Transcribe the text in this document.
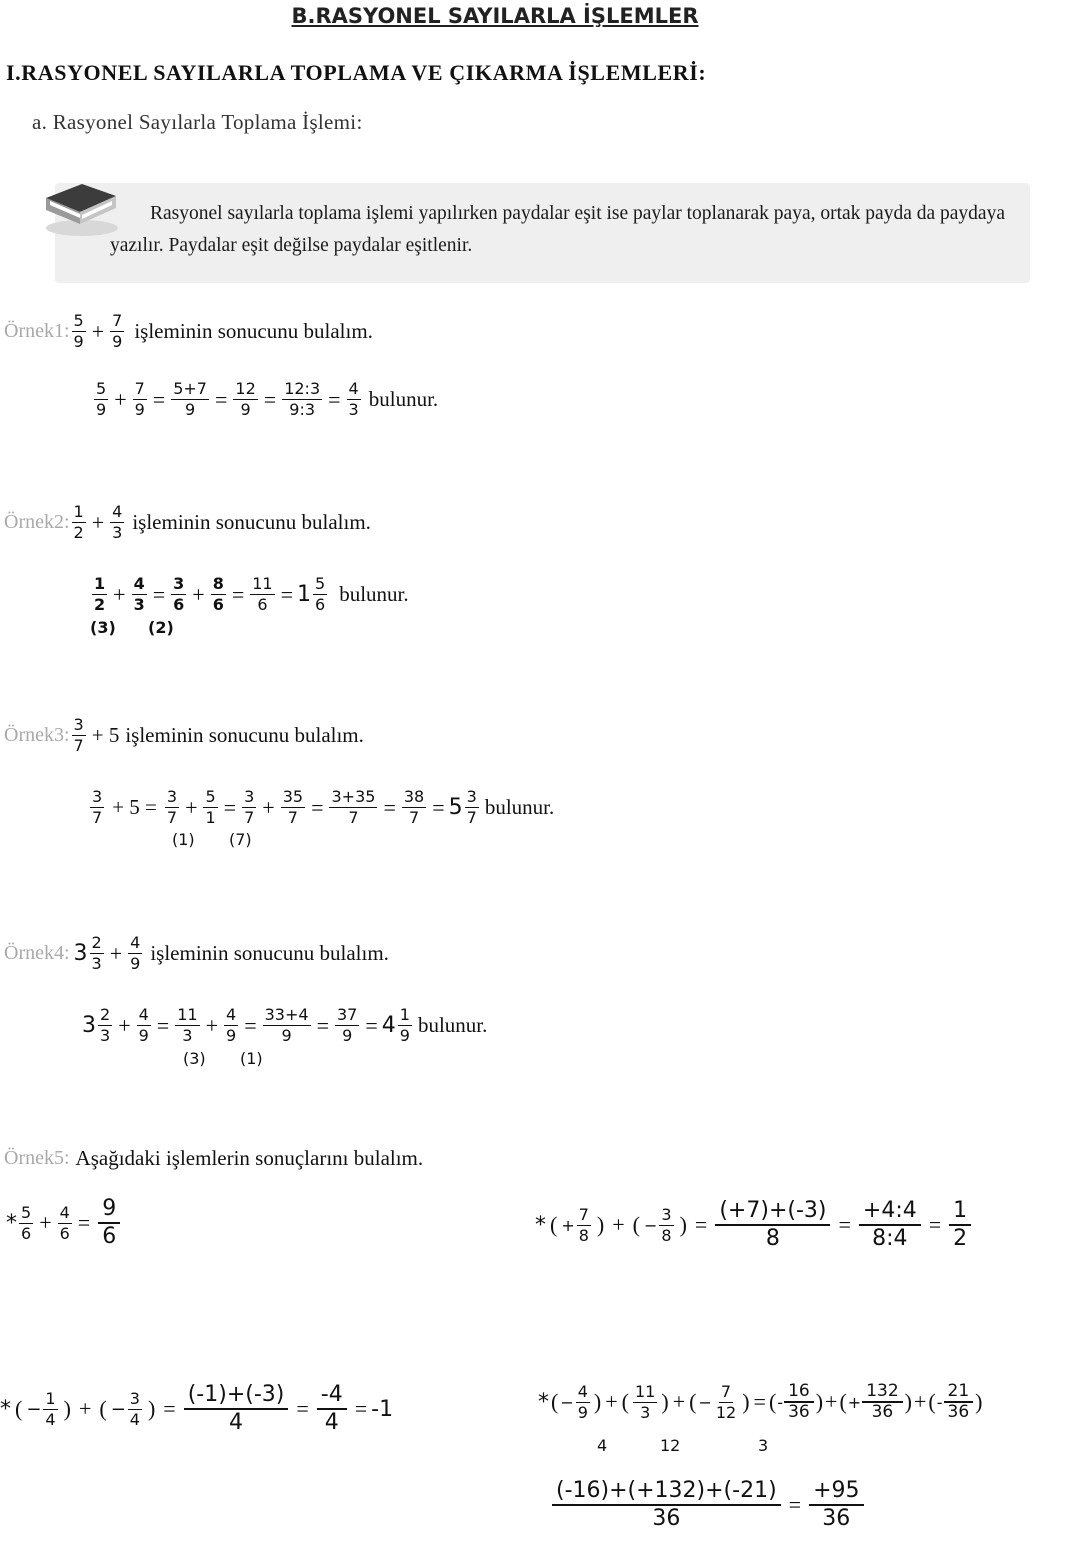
B.RASYONEL SAYILARLA İŞLEMLER
I.RASYONEL SAYILARLA TOPLAMA VE ÇIKARMA İŞLEMLERİ:
a. Rasyonel Sayılarla Toplama İşlemi:
Rasyonel sayılarla toplama işlemi yapılırken paydalar eşit ise paylar toplanarak paya, ortak payda da paydaya yazılır. Paydalar eşit değilse paydalar eşitlenir.
Örnek1: $\frac{5}{9} + \frac{7}{9}$ işleminin sonucunu bulalım.
$\frac{5}{9} + \frac{7}{9} = \frac{5+7}{9} = \frac{12}{9} = \frac{12:3}{9:3} = \frac{4}{3}$ bulunur.
Örnek2: $\frac{1}{2} + \frac{4}{3}$ işleminin sonucunu bulalım.
$\frac{1}{2} + \frac{4}{3} = \frac{3}{6} + \frac{8}{6} = \frac{11}{6} = 1 \frac{5}{6}$ bulunur.
(3) (2)
Örnek3: $\frac{3}{7} + 5$ işleminin sonucunu bulalım.
$\frac{3}{7} + 5 = \frac{3}{7} + \frac{5}{1} = \frac{3}{7} + \frac{35}{7} = \frac{3+35}{7} = \frac{38}{7} = 5 \frac{3}{7}$ bulunur.
(1) (7)
Örnek4: $3 \frac{2}{3} + \frac{4}{9}$ işleminin sonucunu bulalım.
$3 \frac{2}{3} + \frac{4}{9} = \frac{11}{3} + \frac{4}{9} = \frac{33+4}{9} = \frac{37}{9} = 4 \frac{1}{9}$ bulunur.
(3) (1)
Örnek5: Aşağıdaki işlemlerin sonuçlarını bulalım.
* $\frac{5}{6} + \frac{4}{6} = \frac{9}{6}$	* ( + $\frac{7}{8}$ ) + ( − $\frac{3}{8}$ ) = $\frac{(+7)+(-3)}{8} = \frac{+4:4}{8:4} = \frac{1}{2}$
* ( − $\frac{1}{4}$ ) + ( − $\frac{3}{4}$ ) = $\frac{(-1)+(-3)}{4} = \frac{-4}{4} = -1$	* ( − $\frac{4}{9}$ ) + ( $\frac{11}{3}$ ) + ( − $\frac{7}{12}$ ) = ( - $\frac{16}{36}$ ) + ( + $\frac{132}{36}$ ) + ( - $\frac{21}{36}$ )
4	12	3
$\frac{(-16)+(+132)+(-21)}{36} = \frac{+95}{36}$
